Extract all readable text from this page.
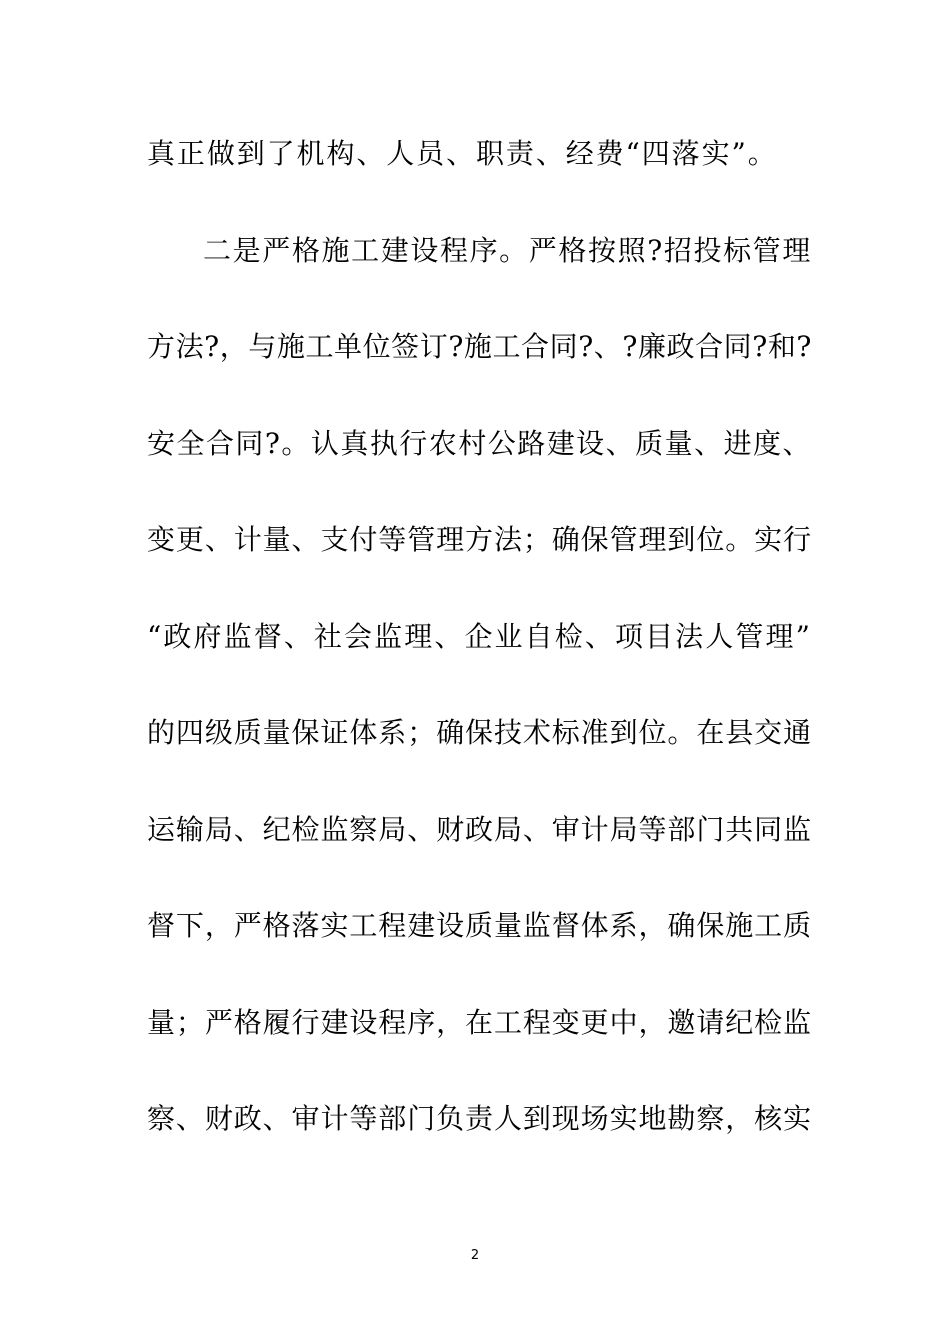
真正做到了机构、人员、职责、经费“四落实”。
二是严格施工建设程序。严格按照?招投标管理
方法?，与施工单位签订?施工合同?、?廉政合同?和?
安全合同?。认真执行农村公路建设、质量、进度、
变更、计量、支付等管理方法；确保管理到位。实行
“政府监督、社会监理、企业自检、项目法人管理”
的四级质量保证体系；确保技术标准到位。在县交通
运输局、纪检监察局、财政局、审计局等部门共同监
督下，严格落实工程建设质量监督体系，确保施工质
量；严格履行建设程序，在工程变更中，邀请纪检监
察、财政、审计等部门负责人到现场实地勘察，核实
2
